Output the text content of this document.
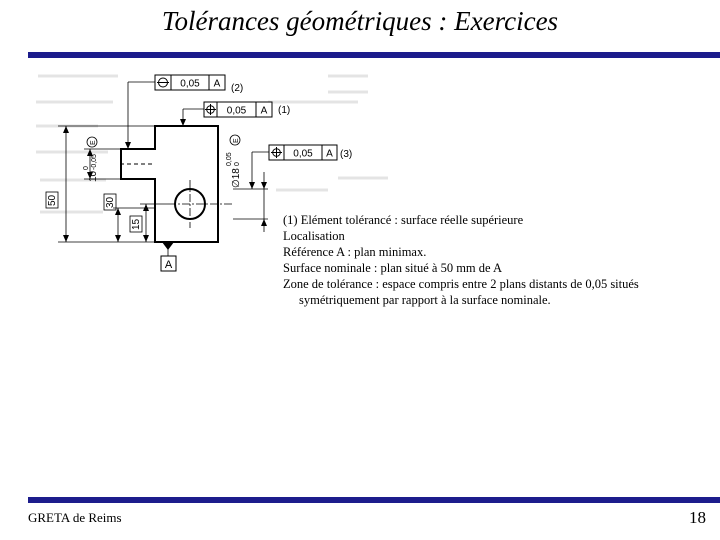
Tolérances géométriques : Exercices
A
0,05 A (2)
0,05 A (1)
0,05 A (3)
50	30
15
10
0 -0,05
E
∅18
0,05 0
E
(1) Elément tolérancé : surface réelle supérieure
Localisation
Référence A : plan minimax.
Surface nominale : plan situé à 50 mm de A
Zone de tolérance : espace compris entre 2 plans distants de 0,05 situés
symétriquement par rapport à la surface nominale.
GRETA de Reims	18
